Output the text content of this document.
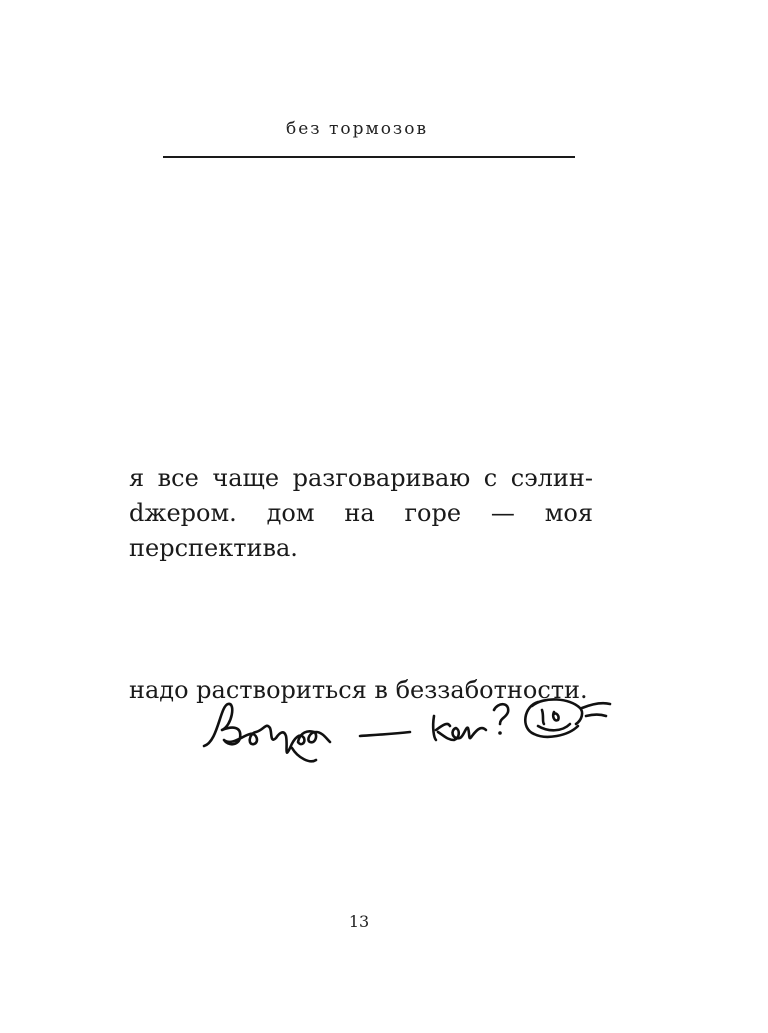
без тормозов

я все чаще разговариваю с сэлинdжером. дом на горе — моя перспектива.

надо раствориться в беззаботности.

13
